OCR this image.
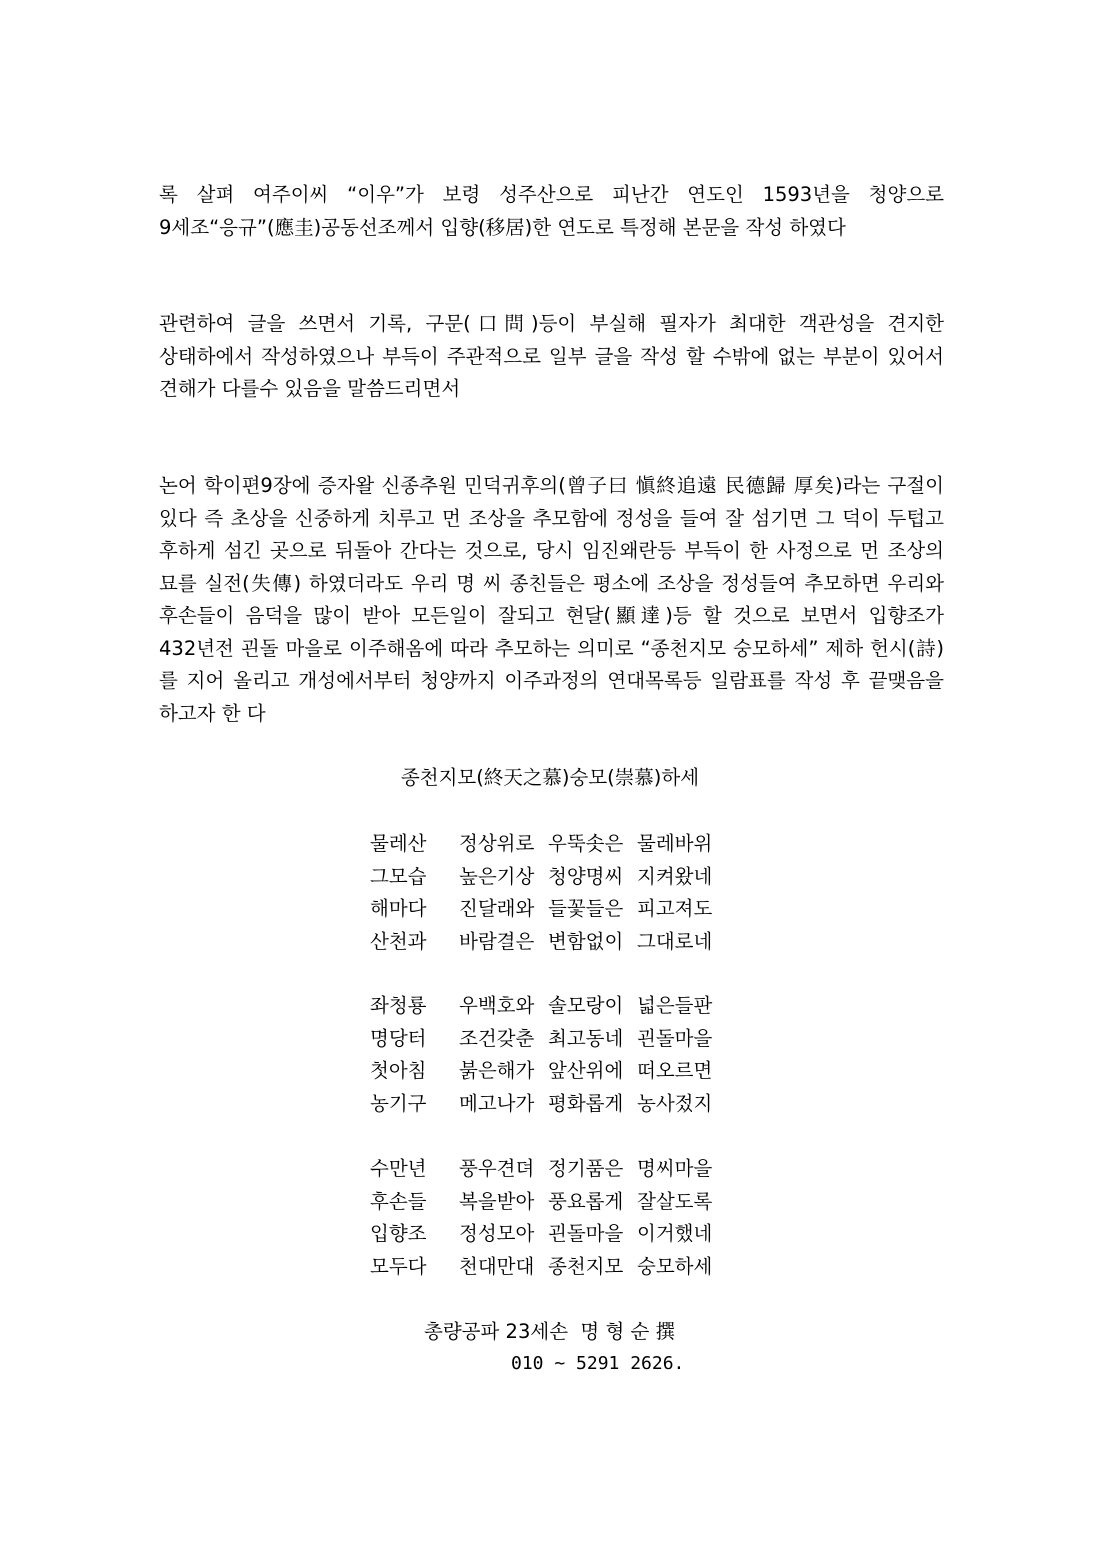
록 살펴 여주이씨 “이우”가 보령 성주산으로 피난간 연도인 1593년을 청양으로 9세조“응규”(應圭)공동선조께서 입향(移居)한 연도로 특정해 본문을 작성 하였다

관련하여 글을 쓰면서 기록, 구문(口問)등이 부실해 필자가 최대한 객관성을 견지한 상태하에서 작성하였으나 부득이 주관적으로 일부 글을 작성 할 수밖에 없는 부분이 있어서 견해가 다를수 있음을 말씀드리면서

논어 학이편9장에 증자왈 신종추원 민덕귀후의(曾子曰 愼終追遠 民德歸 厚矣)라는 구절이 있다 즉 초상을 신중하게 치루고 먼 조상을 추모함에 정성을 들여 잘 섬기면 그 덕이 두텁고 후하게 섬긴 곳으로 뒤돌아 간다는 것으로, 당시 임진왜란등 부득이 한 사정으로 먼 조상의 묘를 실전(失傳) 하였더라도 우리 명 씨 종친들은 평소에 조상을 정성들여 추모하면 우리와 후손들이 음덕을 많이 받아 모든일이 잘되고 현달(顯達)등 할 것으로 보면서 입향조가 432년전 괸돌 마을로 이주해옴에 따라 추모하는 의미로 “종천지모 숭모하세” 제하 헌시(詩)를 지어 올리고 개성에서부터 청양까지 이주과정의 연대목록등 일람표를 작성 후 끝맺음을 하고자 한 다

종천지모(終天之慕)숭모(崇慕)하세

물레산	정상위로 우뚝솟은 물레바위
그모습	높은기상 청양명씨 지켜왔네
해마다	진달래와 들꽃들은 피고져도
산천과	바람결은 변함없이 그대로네
좌청룡	우백호와 솔모랑이 넓은들판
명당터	조건갖춘 최고동네 괸돌마을
첫아침	붉은해가 앞산위에 떠오르면
농기구	메고나가 평화롭게 농사젔지
수만년	풍우견뎌 정기품은 명씨마을
후손들	복을받아 풍요롭게 잘살도록
입향조	정성모아 괸돌마을 이거했네
모두다	천대만대 종천지모 숭모하세

총량공파 23세손  명 형 순 撰

010 ~ 5291 2626.
